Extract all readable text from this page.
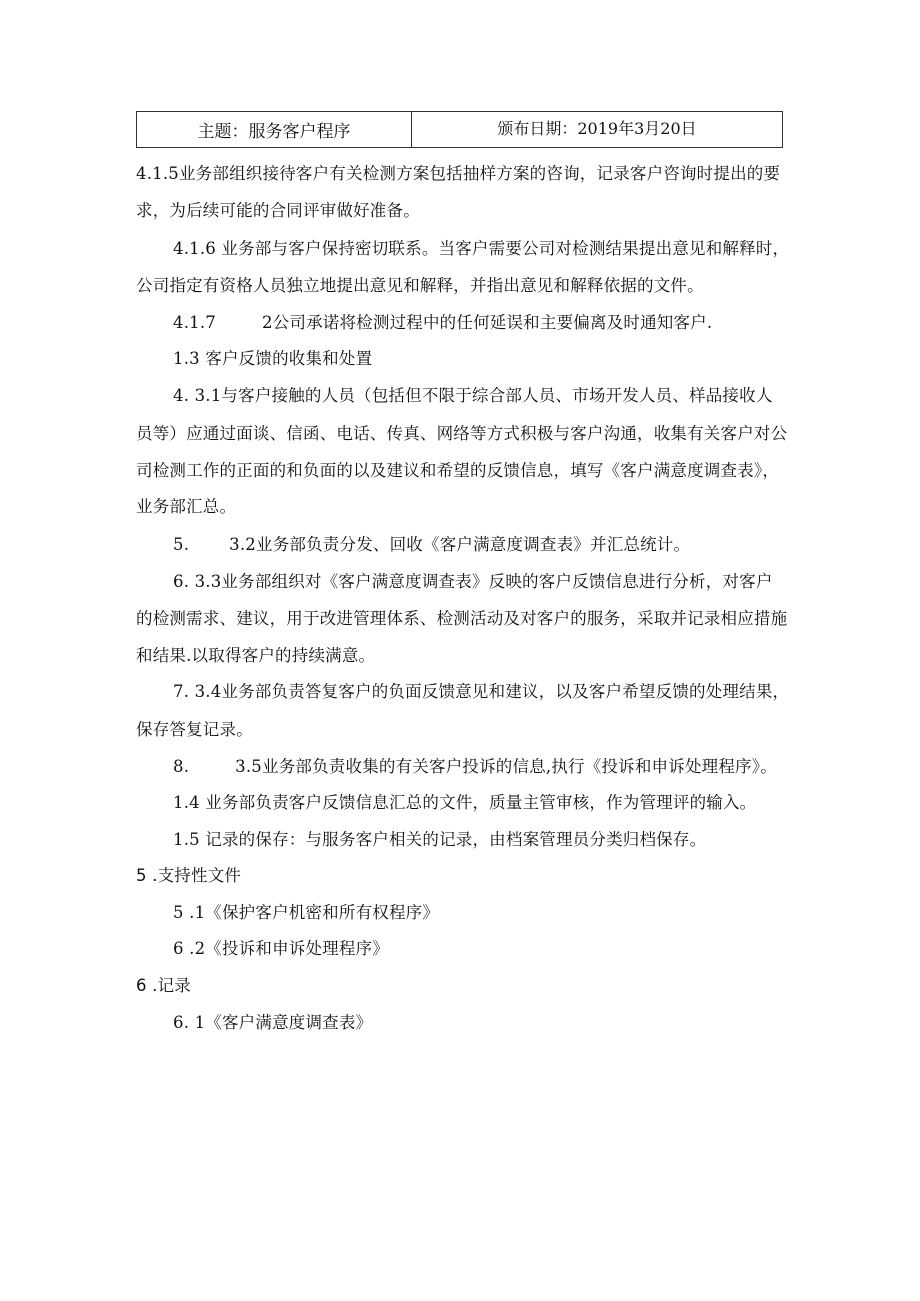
主题：服务客户程序	颁布日期：2019年3月20日
4.1.5业务部组织接待客户有关检测方案包括抽样方案的咨询，记录客户咨询时提出的要
求，为后续可能的合同评审做好准备。
4.1.6 业务部与客户保持密切联系。当客户需要公司对检测结果提出意见和解释时，
公司指定有资格人员独立地提出意见和解释，并指出意见和解释依据的文件。
4.1.7	2公司承诺将检测过程中的任何延误和主要偏离及时通知客户.
1.3 客户反馈的收集和处置
4. 3.1与客户接触的人员（包括但不限于综合部人员、市场开发人员、样品接收人
员等）应通过面谈、信函、电话、传真、网络等方式积极与客户沟通，收集有关客户对公
司检测工作的正面的和负面的以及建议和希望的反馈信息，填写《客户满意度调查表》，
业务部汇总。
5. 3.2业务部负责分发、回收《客户满意度调查表》并汇总统计。
6. 3.3业务部组织对《客户满意度调查表》反映的客户反馈信息进行分析，对客户
的检测需求、建议，用于改进管理体系、检测活动及对客户的服务，采取并记录相应措施
和结果.以取得客户的持续满意。
7. 3.4业务部负责答复客户的负面反馈意见和建议，以及客户希望反馈的处理结果，
保存答复记录。
8.	3.5业务部负责收集的有关客户投诉的信息,执行《投诉和申诉处理程序》。
1.4 业务部负责客户反馈信息汇总的文件，质量主管审核，作为管理评的输入。
1.5 记录的保存：与服务客户相关的记录，由档案管理员分类归档保存。
5 .支持性文件
5 .1《保护客户机密和所有权程序》
6 .2《投诉和申诉处理程序》
6 .记录
6. 1《客户满意度调查表》
